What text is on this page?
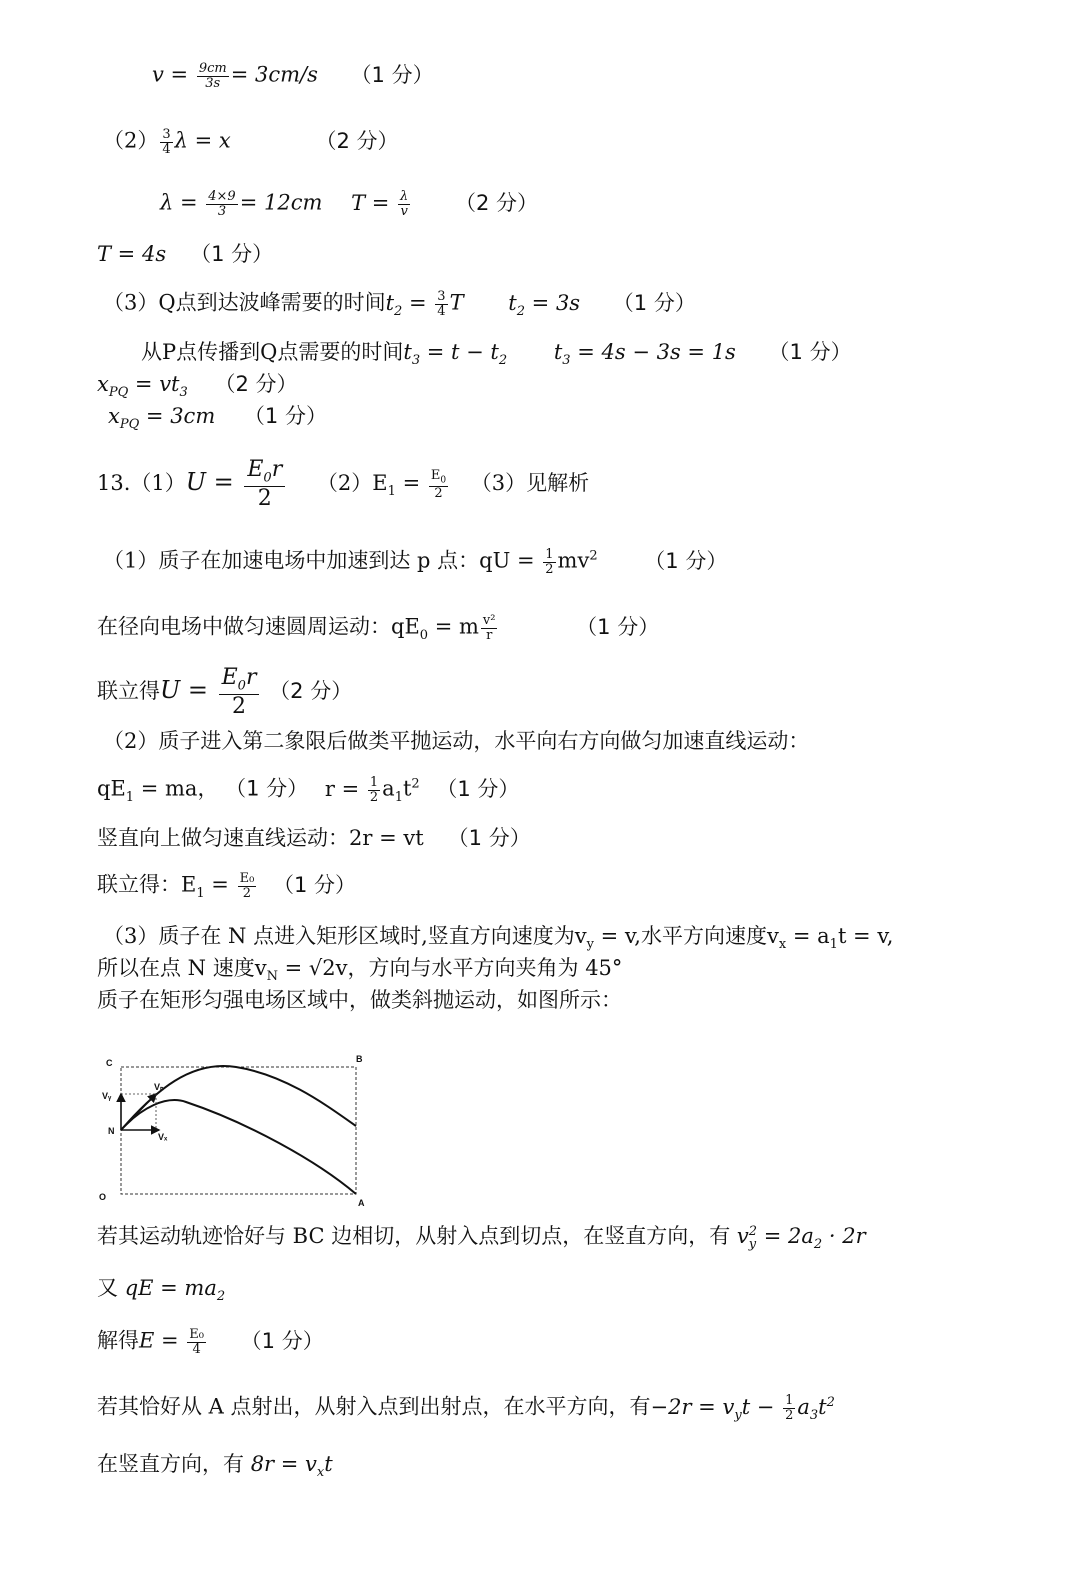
$v = \frac{9cm}{3s} = 3cm/s$ （1 分）
$(2) \frac{3}{4}$ λ = x	（2 分）
$\lambda = \frac{4\times 9}{3} = 12cm$ $T = \frac{\lambda}{v} (2$ 分）
T = 4s （1 分）
（3）Q点到达波峰需要的时间$t_2 = \frac{3}{4}$ T $t_2 = 3s$ （1 分）
从P点传播到Q点需要的时间$t_3 = t - t_2$ $t_3 = 4s - 3s = 1s$ （1 分）
$x_{PQ} = vt_3$ （2 分）
$x_{PQ} = 3cm$ （1 分）
$13.(1)U = \frac{E_0r}{2} (2)E_1 = \frac{E_0}{2} (3)$见解析
（1）质子在加速电场中加速到达 p 点：qU = $\frac{1}{2} mv^2$ （1 分）
在径向电场中做匀速圆周运动：$qE_0 = m \frac{\text{v²}}{r}$	（1 分）
联立得$U = \frac{E_0r}{2} (2$ 分）
（2）质子进入第二象限后做类平抛运动，水平向右方向做匀加速直线运动：
$qE_1$ = ma， （1 分） $r = \frac{1}{2} a_1t^2$ （1 分）
竖直向上做匀速直线运动：2r = vt （1 分）
联立得：$E_1 = \frac{\text{E₀}}{2} (1$ 分）
（3）质子在 N 点进入矩形区域时,竖直方向速度为$v_y = v$,水平方向速度$v_x = a_1t = v$,
所以在点 N 速度$v_N = √2v$，方向与水平方向夹角为 45°
质子在矩形匀强电场区域中，做类斜抛运动，如图所示：
C	B
O
A
N
Vᵧ
Vₙ
Vₓ
若其运动轨迹恰好与 BC 边相切，从射入点到切点，在竖直方向，有 v 2
$y = 2a_2 \cdot 2r$
又 qE = $ma_2$
解得$E = \frac{\text{E₀}}{4} (1$ 分）
若其恰好从 A 点射出，从射入点到出射点，在水平方向，有$-2r = v_yt - \frac{1}{2} a_3t^2$
在竖直方向，有 $8r = v_xt$
